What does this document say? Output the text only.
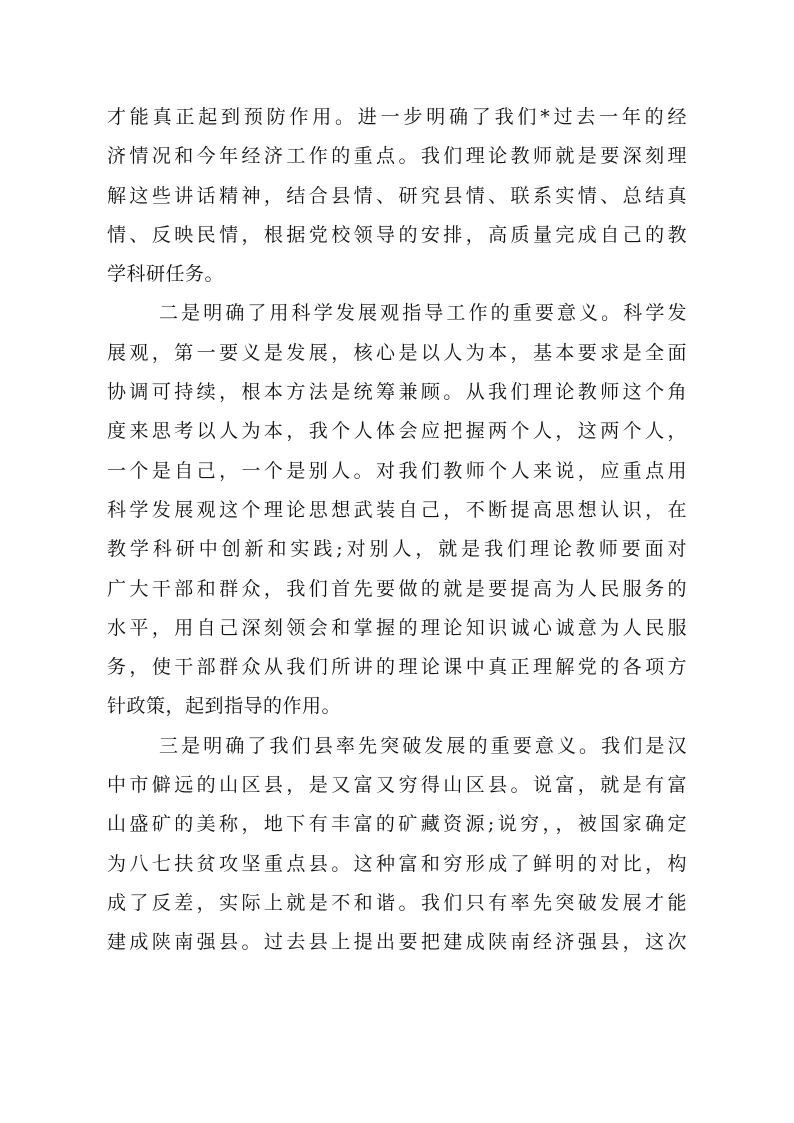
才能真正起到预防作用。进一步明确了我们*过去一年的经
济情况和今年经济工作的重点。我们理论教师就是要深刻理
解这些讲话精神，结合县情、研究县情、联系实情、总结真
情、反映民情，根据党校领导的安排，高质量完成自己的教
学科研任务。
二是明确了用科学发展观指导工作的重要意义。科学发
展观，第一要义是发展，核心是以人为本，基本要求是全面
协调可持续，根本方法是统筹兼顾。从我们理论教师这个角
度来思考以人为本，我个人体会应把握两个人，这两个人，
一个是自己，一个是别人。对我们教师个人来说，应重点用
科学发展观这个理论思想武装自己，不断提高思想认识，在
教学科研中创新和实践;对别人，就是我们理论教师要面对
广大干部和群众，我们首先要做的就是要提高为人民服务的
水平，用自己深刻领会和掌握的理论知识诚心诚意为人民服
务，使干部群众从我们所讲的理论课中真正理解党的各项方
针政策，起到指导的作用。
三是明确了我们县率先突破发展的重要意义。我们是汉
中市僻远的山区县，是又富又穷得山区县。说富，就是有富
山盛矿的美称，地下有丰富的矿藏资源;说穷，，被国家确定
为八七扶贫攻坚重点县。这种富和穷形成了鲜明的对比，构
成了反差，实际上就是不和谐。我们只有率先突破发展才能
建成陕南强县。过去县上提出要把建成陕南经济强县，这次
